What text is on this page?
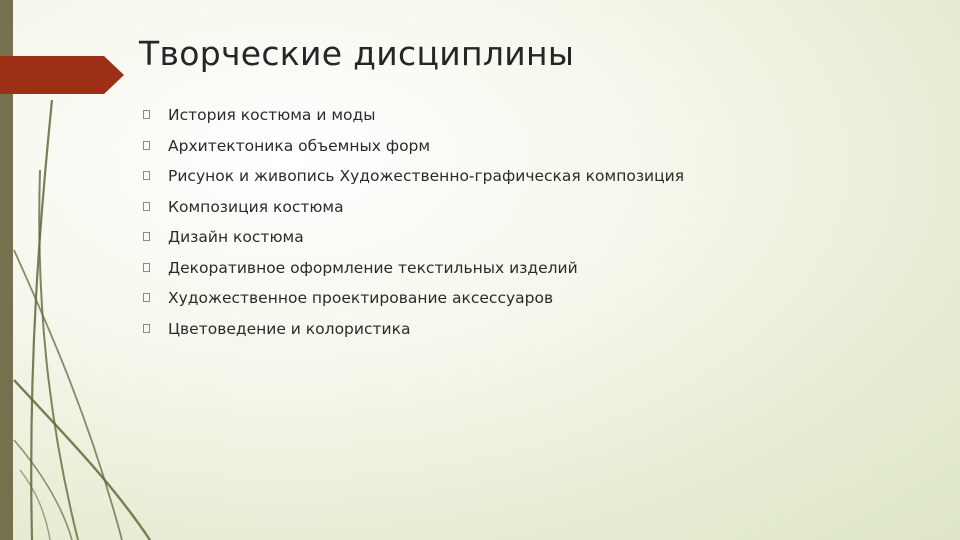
Творческие дисциплины
История костюма и моды
Архитектоника объемных форм
Рисунок и живопись Художественно-графическая композиция
Композиция костюма
Дизайн костюма
Декоративное оформление текстильных изделий
Художественное проектирование аксессуаров
Цветоведение и колористика
